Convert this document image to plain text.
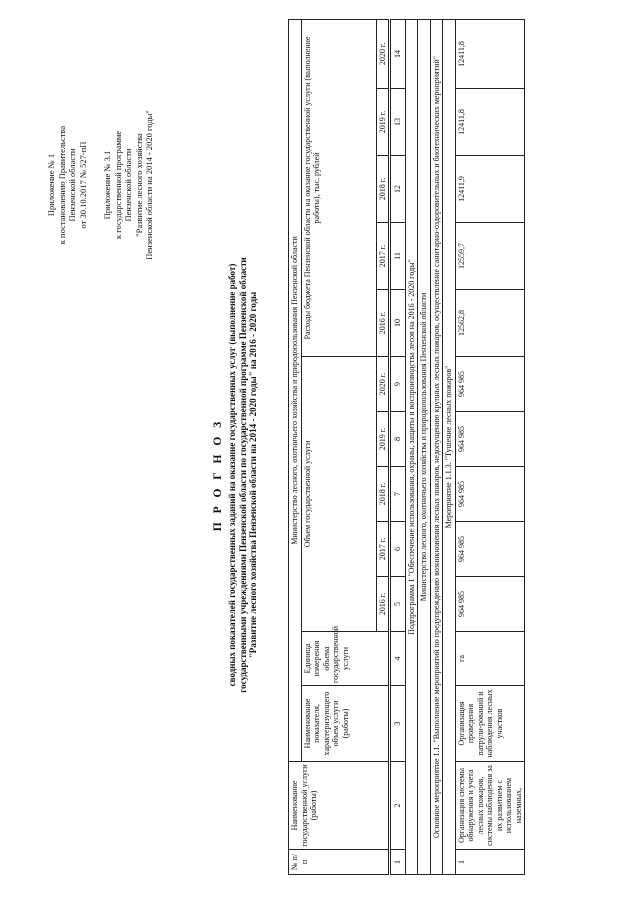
Приложение № 1 к постановлению Правительства Пензенской области от 30.10.2017 № 527-пП Приложение № 3.1 к государственной программе Пензенской области "Развитие лесного хозяйства Пензенской области на 2014 - 2020 годы"
П Р О Г Н О З сводных показателей государственных заданий на оказание государственных услуг (выполнение работ) государственными учреждениями Пензенской области по государственной программе Пензенской области "Развитие лесного хозяйства Пензенской области на 2014 - 2020 годы" на 2016 - 2020 годы
№ п/п	Наименование государственной услуги (работы)	Министерство лесного, охотничьего хозяйства и природопользования Пензенской области											
		Наименование показателя, характеризующего объем услуги (работы)	Единица измерения объема государственной услуги	Объем государственной услуги					Расходы бюджета Пензенской области на оказание государственной услуги (выполнение работы), тыс. рублей				
				2016 г.	2017 г.	2018 г.	2019 г.	2020 г.	2016 г.	2017 г.	2018 г.	2019 г.	2020 г.
1	2	3	4	5	6	7	8	9	10	11	12	13	14
Подпрограмма 1 "Обеспечение использования, охраны, защиты и воспроизводства лесов на 2016 - 2020 годы"													
Министерство лесного, охотничьего хозяйства и природопользования Пензенской области													
Основное мероприятие 1.1. "Выполнение мероприятий по предупреждению возникновения лесных пожаров, недопущению крупных лесных пожаров, осуществление санитарно-оздоровительных и биотехнических мероприятий"													
Мероприятие 1.1.3. "Тушение лесных пожаров"													
1	Организация системы обнаружения и учета лесных пожаров, системы наблюдения за их развитием с использованием наземных,	Организация проведения патрули-рований и наблюдения лесных участков	га	964 985	964 985	964 985	964 985	964 985	12562,8	12559,7	12411,9	12411,8	12411,8
